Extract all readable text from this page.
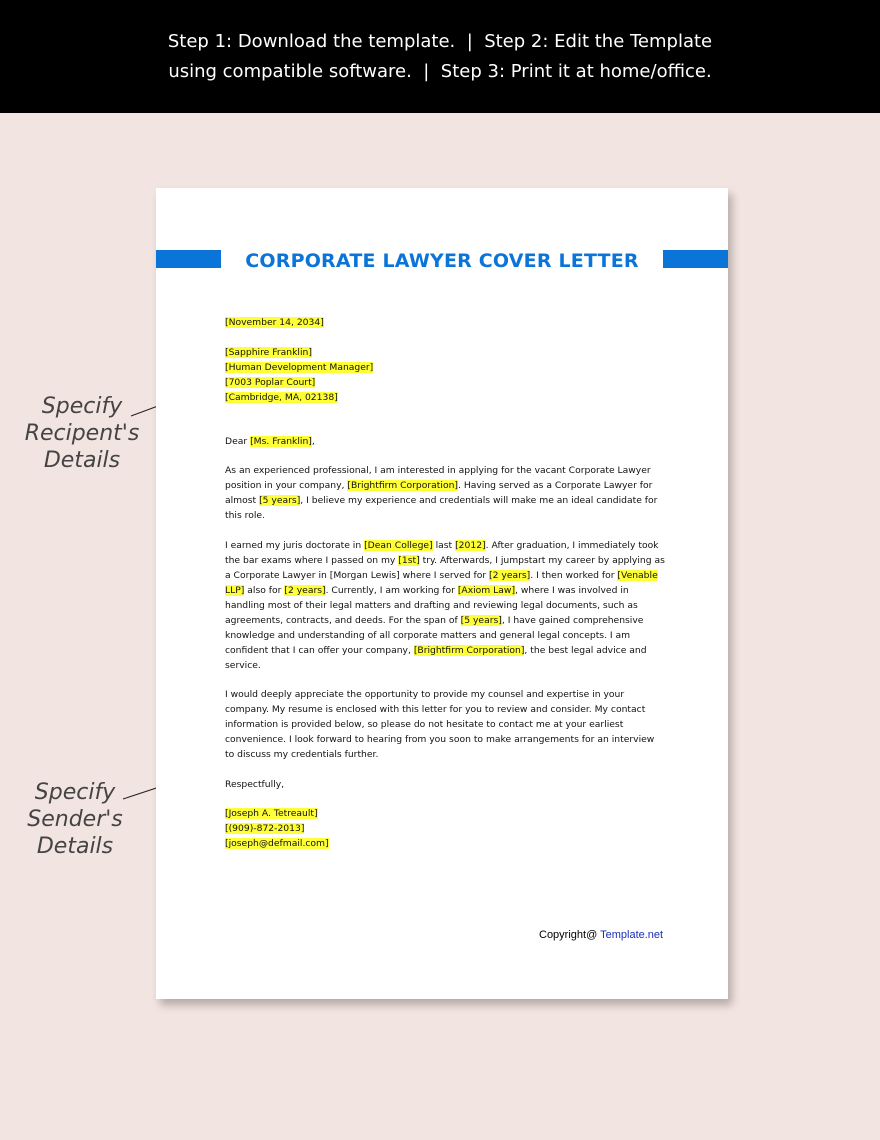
Step 1: Download the template.  |  Step 2: Edit the Template
using compatible software.  |  Step 3: Print it at home/office.
Specify
Recipent's
Details
Specify
Sender's
Details
CORPORATE LAWYER COVER LETTER

[November 14, 2034]

[Sapphire Franklin]

[Human Development Manager]

[7003 Poplar Court]

[Cambridge, MA, 02138]

Dear [Ms. Franklin],

As an experienced professional, I am interested in applying for the vacant Corporate Lawyer position in your company, [Brightfirm Corporation]. Having served as a Corporate Lawyer for almost [5 years], I believe my experience and credentials will make me an ideal candidate for this role.

I earned my juris doctorate in [Dean College] last [2012]. After graduation, I immediately took the bar exams where I passed on my [1st] try. Afterwards, I jumpstart my career by applying as a Corporate Lawyer in [Morgan Lewis] where I served for [2 years]. I then worked for [Venable LLP] also for [2 years]. Currently, I am working for [Axiom Law], where I was involved in handling most of their legal matters and drafting and reviewing legal documents, such as agreements, contracts, and deeds. For the span of [5 years], I have gained comprehensive knowledge and understanding of all corporate matters and general legal concepts. I am confident that I can offer your company, [Brightfirm Corporation], the best legal advice and service.

I would deeply appreciate the opportunity to provide my counsel and expertise in your company. My resume is enclosed with this letter for you to review and consider. My contact information is provided below, so please do not hesitate to contact me at your earliest convenience. I look forward to hearing from you soon to make arrangements for an interview to discuss my credentials further.

Respectfully,

[Joseph A. Tetreault]

[(909)-872-2013]

[joseph@defmail.com]

Copyright@ Template.net
